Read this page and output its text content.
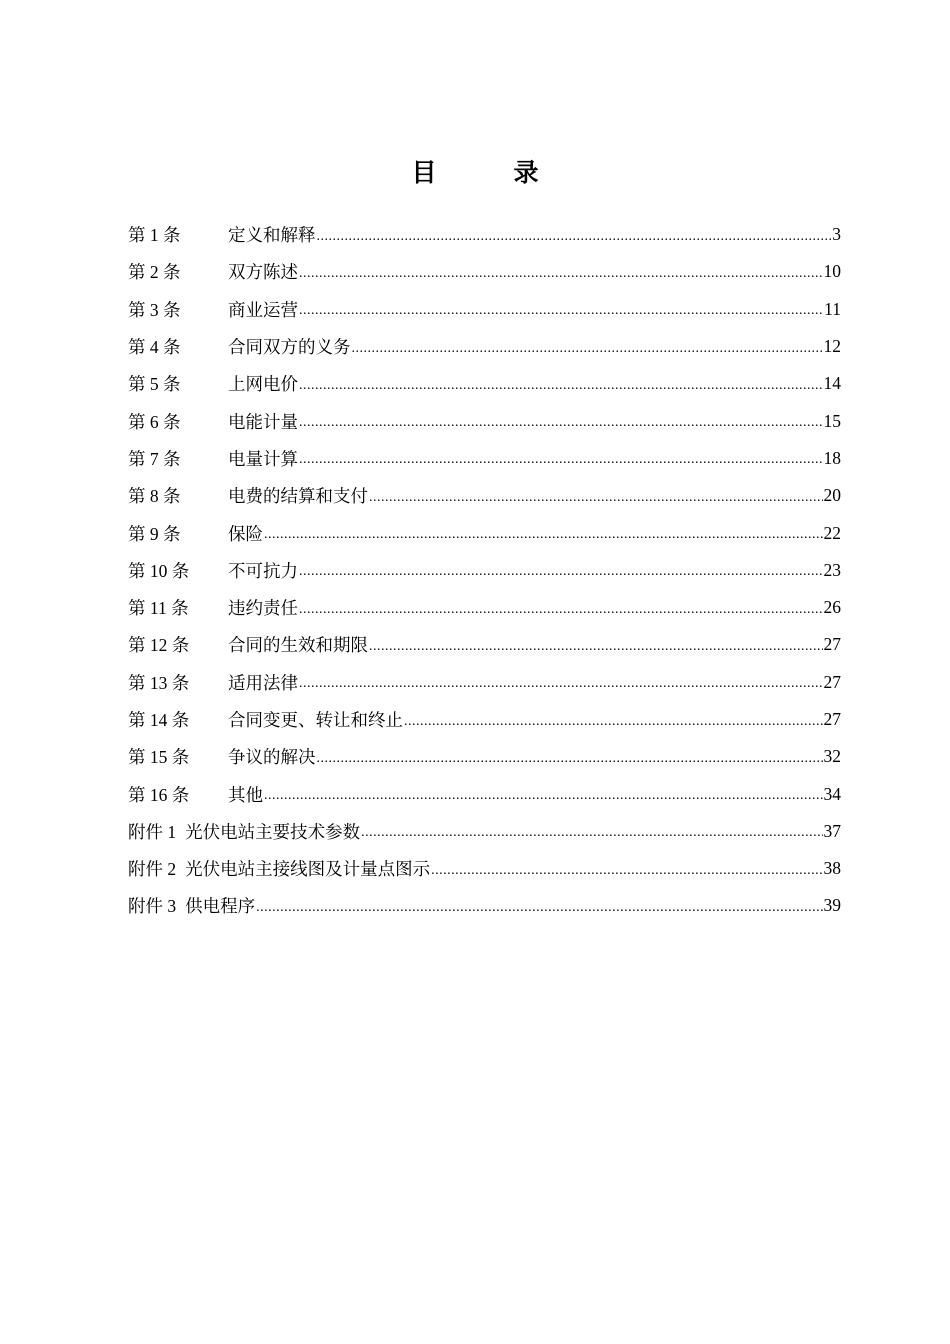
目　录
第 1 条	定义和解释 .....	3
第 2 条	双方陈述 .....	10
第 3 条	商业运营 .....	11
第 4 条	合同双方的义务 .....	12
第 5 条	上网电价 .....	14
第 6 条	电能计量 .....	15
第 7 条	电量计算 .....	18
第 8 条	电费的结算和支付 .....	20
第 9 条	保险 .....	22
第 10 条	不可抗力 .....	23
第 11 条	违约责任 .....	26
第 12 条	合同的生效和期限 .....	27
第 13 条	适用法律 .....	27
第 14 条	合同变更、转让和终止 .....	27
第 15 条	争议的解决 .....	32
第 16 条	其他 .....	34
附件 1 光伏电站主要技术参数 .....	37
附件 2 光伏电站主接线图及计量点图示 .....	38
附件 3 供电程序 .....	39
